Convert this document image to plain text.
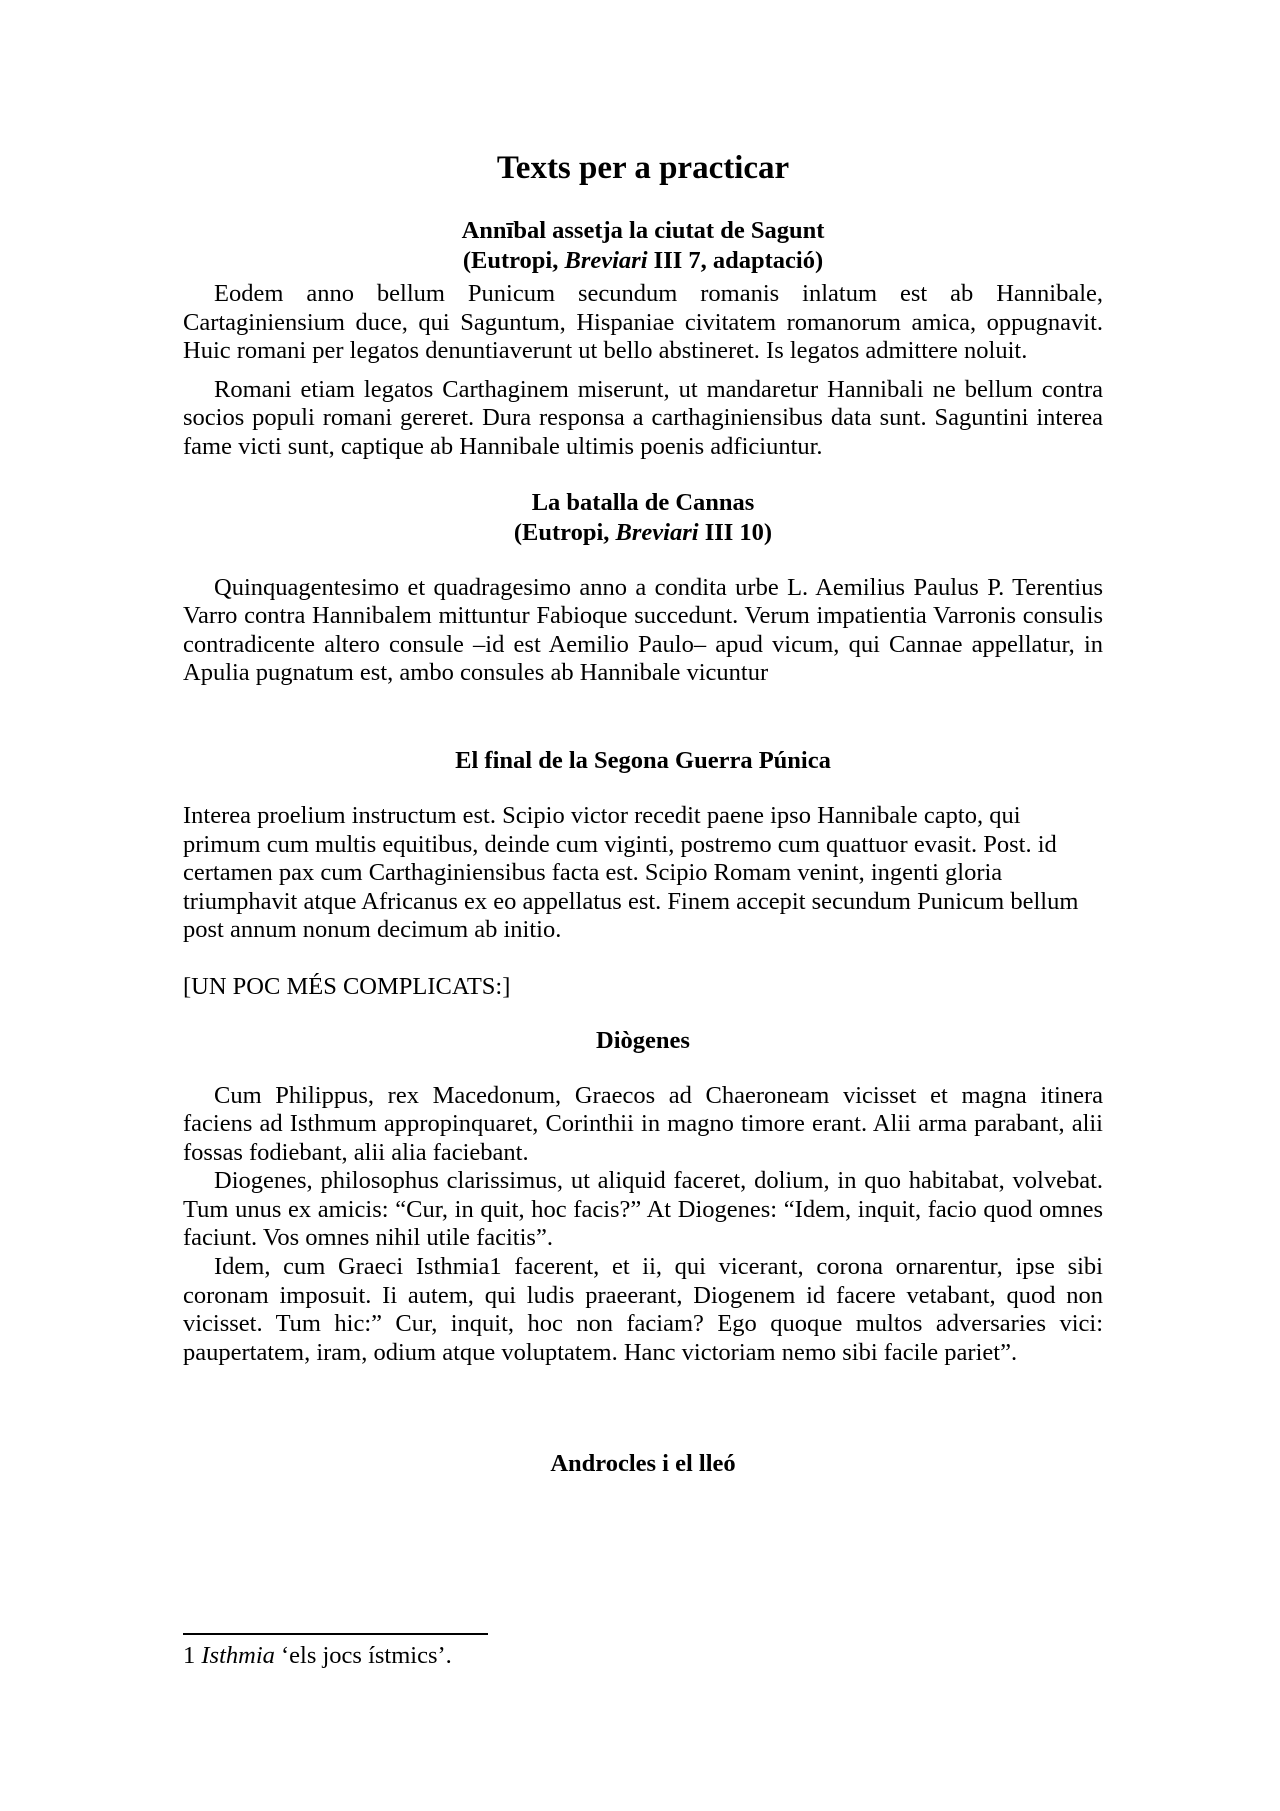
Texts per a practicar

Annībal assetja la ciutat de Sagunt

(Eutropi, Breviari III 7, adaptació)

Eodem anno bellum Punicum secundum romanis inlatum est ab Hannibale, Cartaginiensium duce, qui Saguntum, Hispaniae civitatem romanorum amica, oppugnavit. Huic romani per legatos denuntiaverunt ut bello abstineret. Is legatos admittere noluit.

Romani etiam legatos Carthaginem miserunt, ut mandaretur Hannibali ne bellum contra socios populi romani gereret. Dura responsa a carthaginiensibus data sunt. Saguntini interea fame victi sunt, captique ab Hannibale ultimis poenis adficiuntur.

La batalla de Cannas

(Eutropi, Breviari III 10)

Quinquagentesimo et quadragesimo anno a condita urbe L. Aemilius Paulus P. Terentius Varro contra Hannibalem mittuntur Fabioque succedunt. Verum impatientia Varronis consulis contradicente altero consule –id est Aemilio Paulo– apud vicum, qui Cannae appellatur, in Apulia pugnatum est, ambo consules ab Hannibale vicuntur

El final de la Segona Guerra Púnica

Interea proelium instructum est. Scipio victor recedit paene ipso Hannibale capto, qui primum cum multis equitibus, deinde cum viginti, postremo cum quattuor evasit. Post. id certamen pax cum Carthaginiensibus facta est. Scipio Romam venint, ingenti gloria triumphavit atque Africanus ex eo appellatus est. Finem accepit secundum Punicum bellum post annum nonum decimum ab initio.

[UN POC MÉS COMPLICATS:]

Diògenes

Cum Philippus, rex Macedonum, Graecos ad Chaeroneam vicisset et magna itinera faciens ad Isthmum appropinquaret, Corinthii in magno timore erant. Alii arma parabant, alii fossas fodiebant, alii alia faciebant.

Diogenes, philosophus clarissimus, ut aliquid faceret, dolium, in quo habitabat, volvebat. Tum unus ex amicis: “Cur, in quit, hoc facis?” At Diogenes: “Idem, inquit, facio quod omnes faciunt. Vos omnes nihil utile facitis”.

Idem, cum Graeci Isthmia1 facerent, et ii, qui vicerant, corona ornarentur, ipse sibi coronam imposuit. Ii autem, qui ludis praeerant, Diogenem id facere vetabant, quod non vicisset. Tum hic:” Cur, inquit, hoc non faciam? Ego quoque multos adversaries vici: paupertatem, iram, odium atque voluptatem. Hanc victoriam nemo sibi facile pariet”.

Androcles i el lleó

1 Isthmia ‘els jocs ístmics’.
